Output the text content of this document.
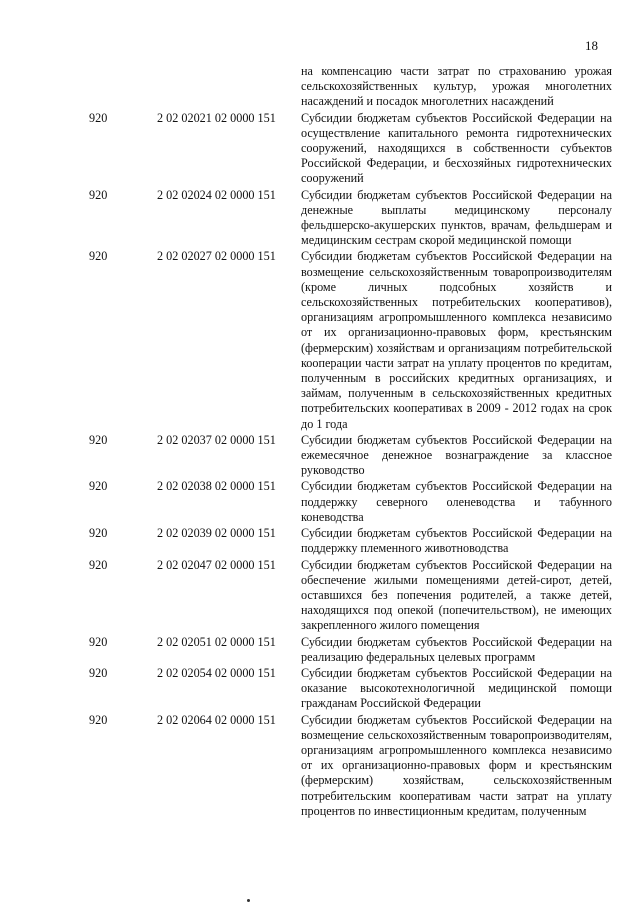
18
на компенсацию части затрат по страхованию урожая сельскохозяйственных культур, урожая многолетних насаждений и посадок многолетних насаждений
920	2 02 02021 02 0000 151 Субсидии бюджетам субъектов Российской Федерации на осуществление капитального ремонта гидротехнических сооружений, находящихся в собственности субъектов Российской Федерации, и бесхозяйных гидротехнических сооружений
920	2 02 02024 02 0000 151 Субсидии бюджетам субъектов Российской Федерации на денежные выплаты медицинскому персоналу фельдшерско-акушерских пунктов, врачам, фельдшерам и медицинским сестрам скорой медицинской помощи
920	2 02 02027 02 0000 151 Субсидии бюджетам субъектов Российской Федерации на возмещение сельскохозяйственным товаропроизводителям (кроме личных подсобных хозяйств и сельскохозяйственных потребительских кооперативов), организациям агропромышленного комплекса независимо от их организационно-правовых форм, крестьянским (фермерским) хозяйствам и организациям потребительской кооперации части затрат на уплату процентов по кредитам, полученным в российских кредитных организациях, и займам, полученным в сельскохозяйственных кредитных потребительских кооперативах в 2009 - 2012 годах на срок до 1 года
920	2 02 02037 02 0000 151 Субсидии бюджетам субъектов Российской Федерации на ежемесячное денежное вознаграждение за классное руководство
920	2 02 02038 02 0000 151 Субсидии бюджетам субъектов Российской Федерации на поддержку северного оленеводства и табунного коневодства
920	2 02 02039 02 0000 151 Субсидии бюджетам субъектов Российской Федерации на поддержку племенного животноводства
920	2 02 02047 02 0000 151 Субсидии бюджетам субъектов Российской Федерации на обеспечение жилыми помещениями детей-сирот, детей, оставшихся без попечения родителей, а также детей, находящихся под опекой (попечительством), не имеющих закрепленного жилого помещения
920	2 02 02051 02 0000 151 Субсидии бюджетам субъектов Российской Федерации на реализацию федеральных целевых программ
920	2 02 02054 02 0000 151 Субсидии бюджетам субъектов Российской Федерации на оказание высокотехнологичной медицинской помощи гражданам Российской Федерации
920	2 02 02064 02 0000 151 Субсидии бюджетам субъектов Российской Федерации на возмещение сельскохозяйственным товаропроизводителям, организациям агропромышленного комплекса независимо от их организационно-правовых форм и крестьянским (фермерским) хозяйствам, сельскохозяйственным потребительским кооперативам части затрат на уплату процентов по инвестиционным кредитам, полученным
